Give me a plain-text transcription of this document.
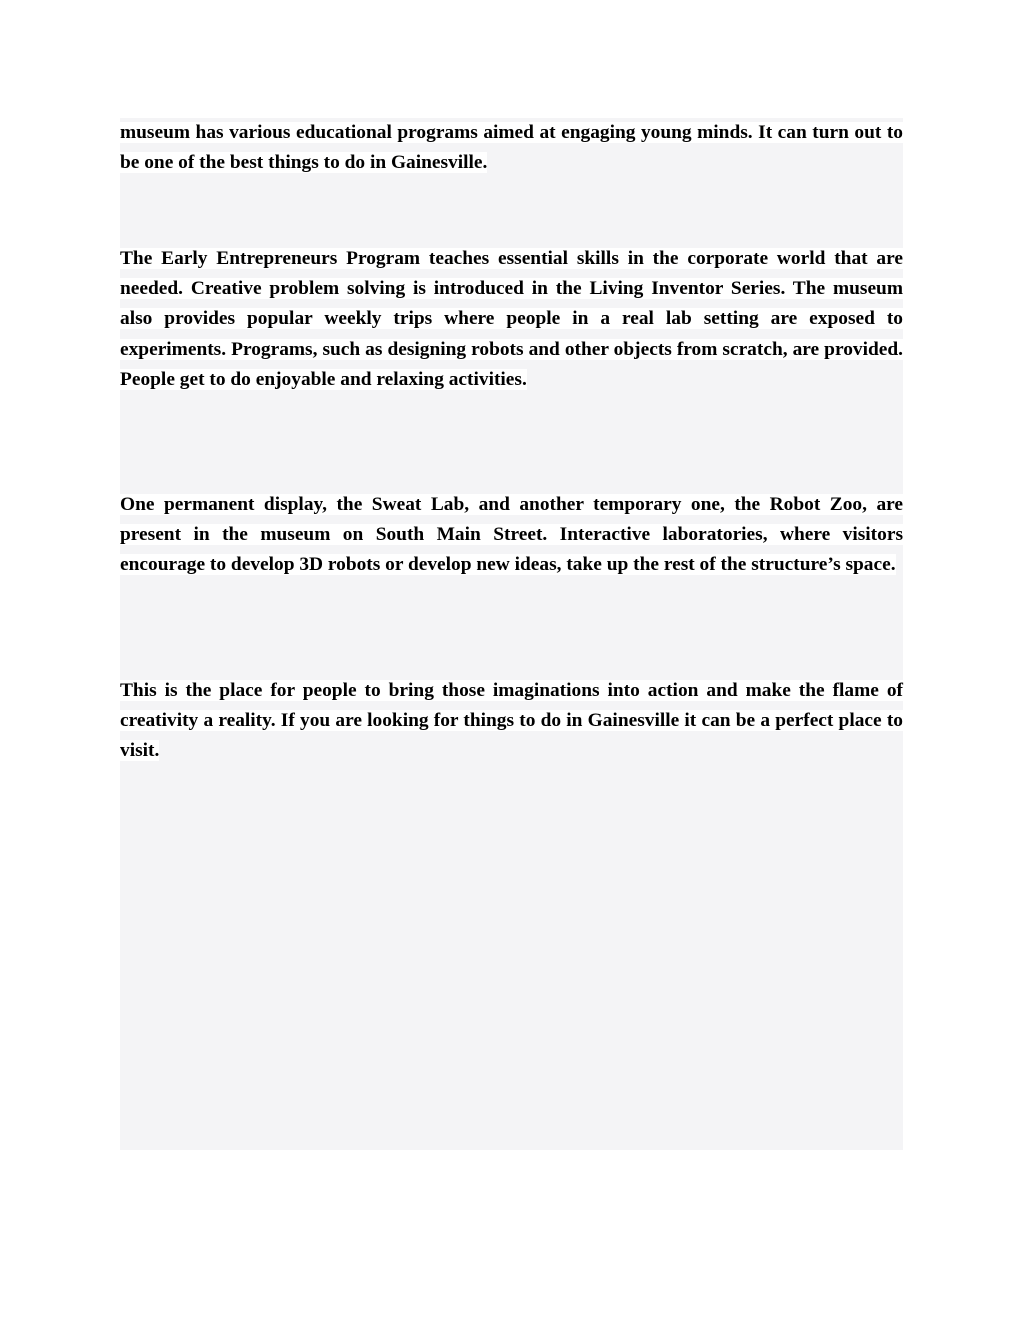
museum has various educational programs aimed at engaging young minds. It can turn out to be one of the best things to do in Gainesville.

The Early Entrepreneurs Program teaches essential skills in the corporate world that are needed. Creative problem solving is introduced in the Living Inventor Series. The museum also provides popular weekly trips where people in a real lab setting are exposed to experiments. Programs, such as designing robots and other objects from scratch, are provided. People get to do enjoyable and relaxing activities.

One permanent display, the Sweat Lab, and another temporary one, the Robot Zoo, are present in the museum on South Main Street. Interactive laboratories, where visitors encourage to develop 3D robots or develop new ideas, take up the rest of the structure’s space.

This is the place for people to bring those imaginations into action and make the flame of creativity a reality. If you are looking for things to do in Gainesville it can be a perfect place to visit.
